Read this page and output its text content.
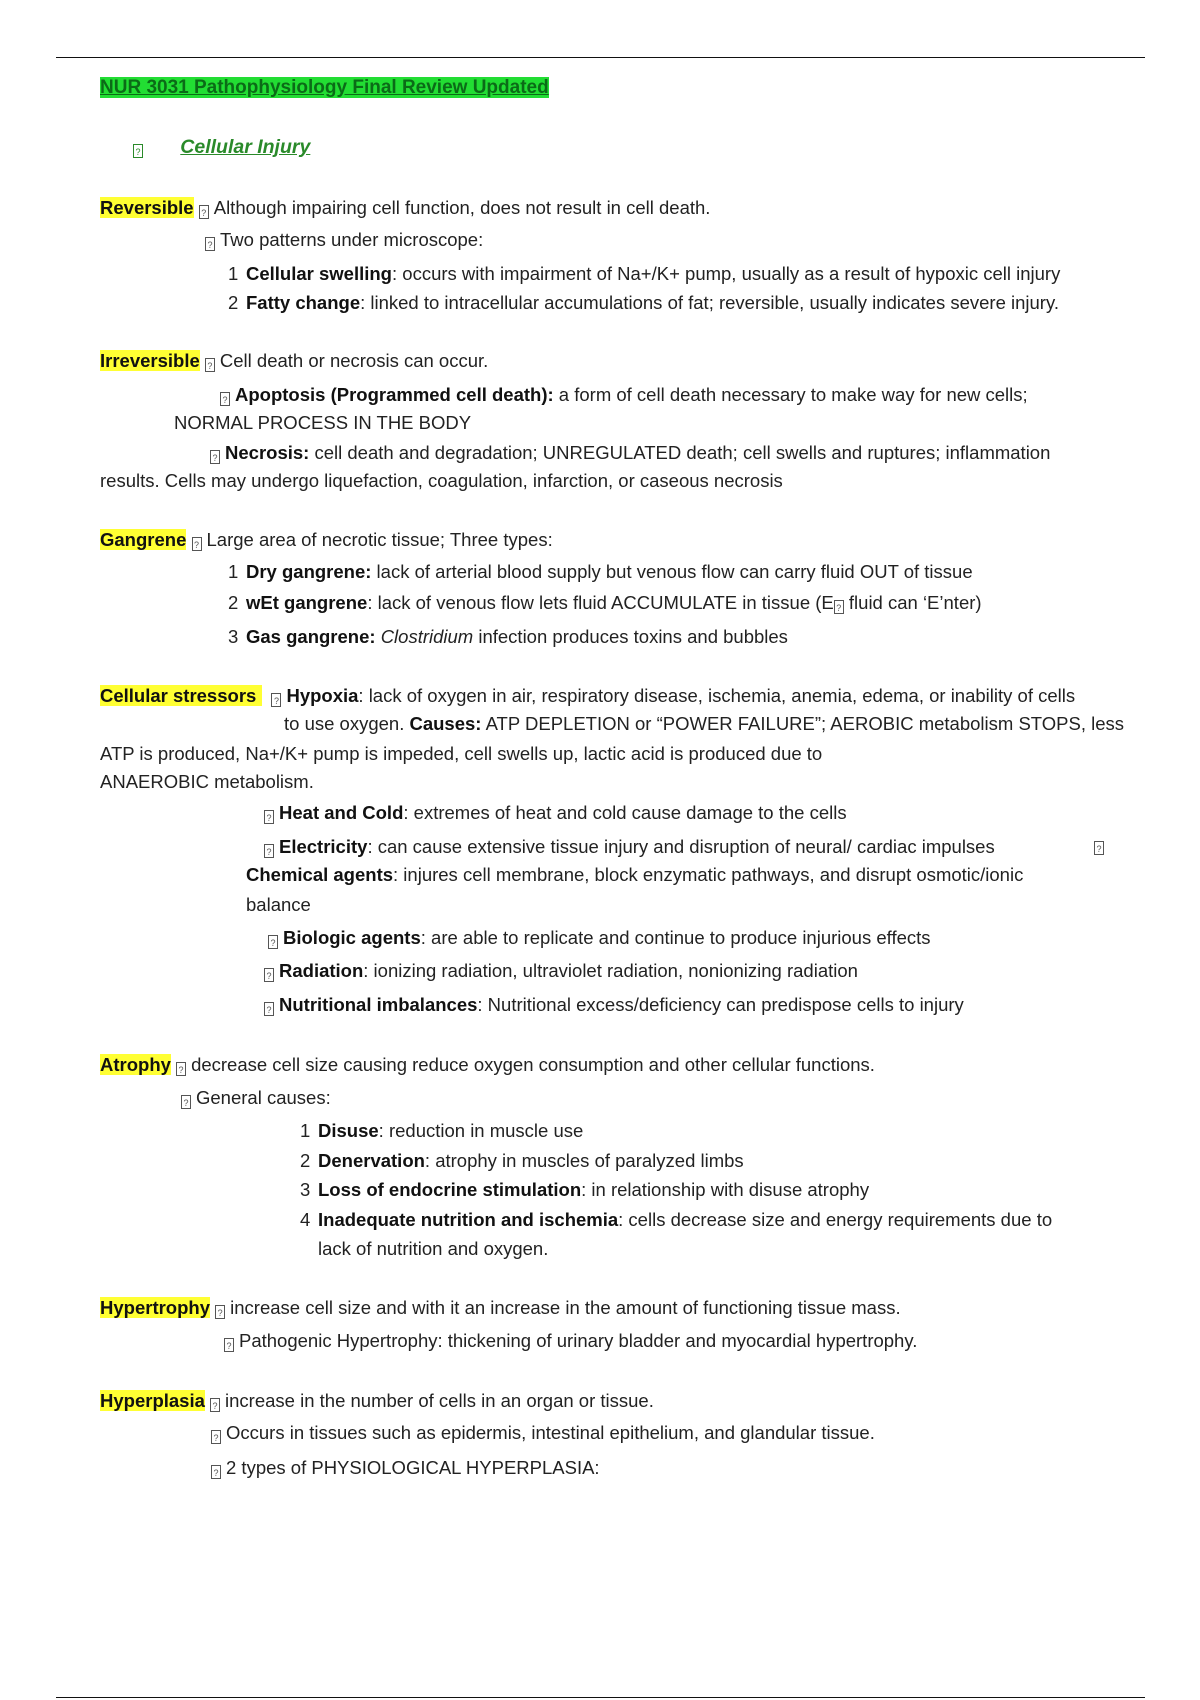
NUR 3031 Pathophysiology Final Review Updated
? Cellular Injury
Reversible ? Although impairing cell function, does not result in cell death.
? Two patterns under microscope:
1 Cellular swelling: occurs with impairment of Na+/K+ pump, usually as a result of hypoxic cell injury
2 Fatty change: linked to intracellular accumulations of fat; reversible, usually indicates severe injury.
Irreversible ? Cell death or necrosis can occur.
? Apoptosis (Programmed cell death): a form of cell death necessary to make way for new cells;
NORMAL PROCESS IN THE BODY
? Necrosis: cell death and degradation; UNREGULATED death; cell swells and ruptures; inflammation
results. Cells may undergo liquefaction, coagulation, infarction, or caseous necrosis
Gangrene ? Large area of necrotic tissue; Three types:
1 Dry gangrene: lack of arterial blood supply but venous flow can carry fluid OUT of tissue
2 wEt gangrene: lack of venous flow lets fluid ACCUMULATE in tissue (E ? fluid can ‘E’nter)
3 Gas gangrene: Clostridium infection produces toxins and bubbles
Cellular stressors ? Hypoxia: lack of oxygen in air, respiratory disease, ischemia, anemia, edema, or inability of cells
to use oxygen. Causes: ATP DEPLETION or “POWER FAILURE”; AEROBIC metabolism STOPS, less
ATP is produced, Na+/K+ pump is impeded, cell swells up, lactic acid is produced due to
ANAEROBIC metabolism.
? Heat and Cold: extremes of heat and cold cause damage to the cells
? Electricity: can cause extensive tissue injury and disruption of neural/ cardiac impulses	?
Chemical agents: injures cell membrane, block enzymatic pathways, and disrupt osmotic/ionic
balance
? Biologic agents: are able to replicate and continue to produce injurious effects
? Radiation: ionizing radiation, ultraviolet radiation, nonionizing radiation
? Nutritional imbalances: Nutritional excess/deficiency can predispose cells to injury
Atrophy ? decrease cell size causing reduce oxygen consumption and other cellular functions.
? General causes:
1 Disuse: reduction in muscle use
2 Denervation: atrophy in muscles of paralyzed limbs
3 Loss of endocrine stimulation: in relationship with disuse atrophy
4 Inadequate nutrition and ischemia: cells decrease size and energy requirements due to
lack of nutrition and oxygen.
Hypertrophy ? increase cell size and with it an increase in the amount of functioning tissue mass.
? Pathogenic Hypertrophy: thickening of urinary bladder and myocardial hypertrophy.
Hyperplasia ? increase in the number of cells in an organ or tissue.
? Occurs in tissues such as epidermis, intestinal epithelium, and glandular tissue.
? 2 types of PHYSIOLOGICAL HYPERPLASIA:
